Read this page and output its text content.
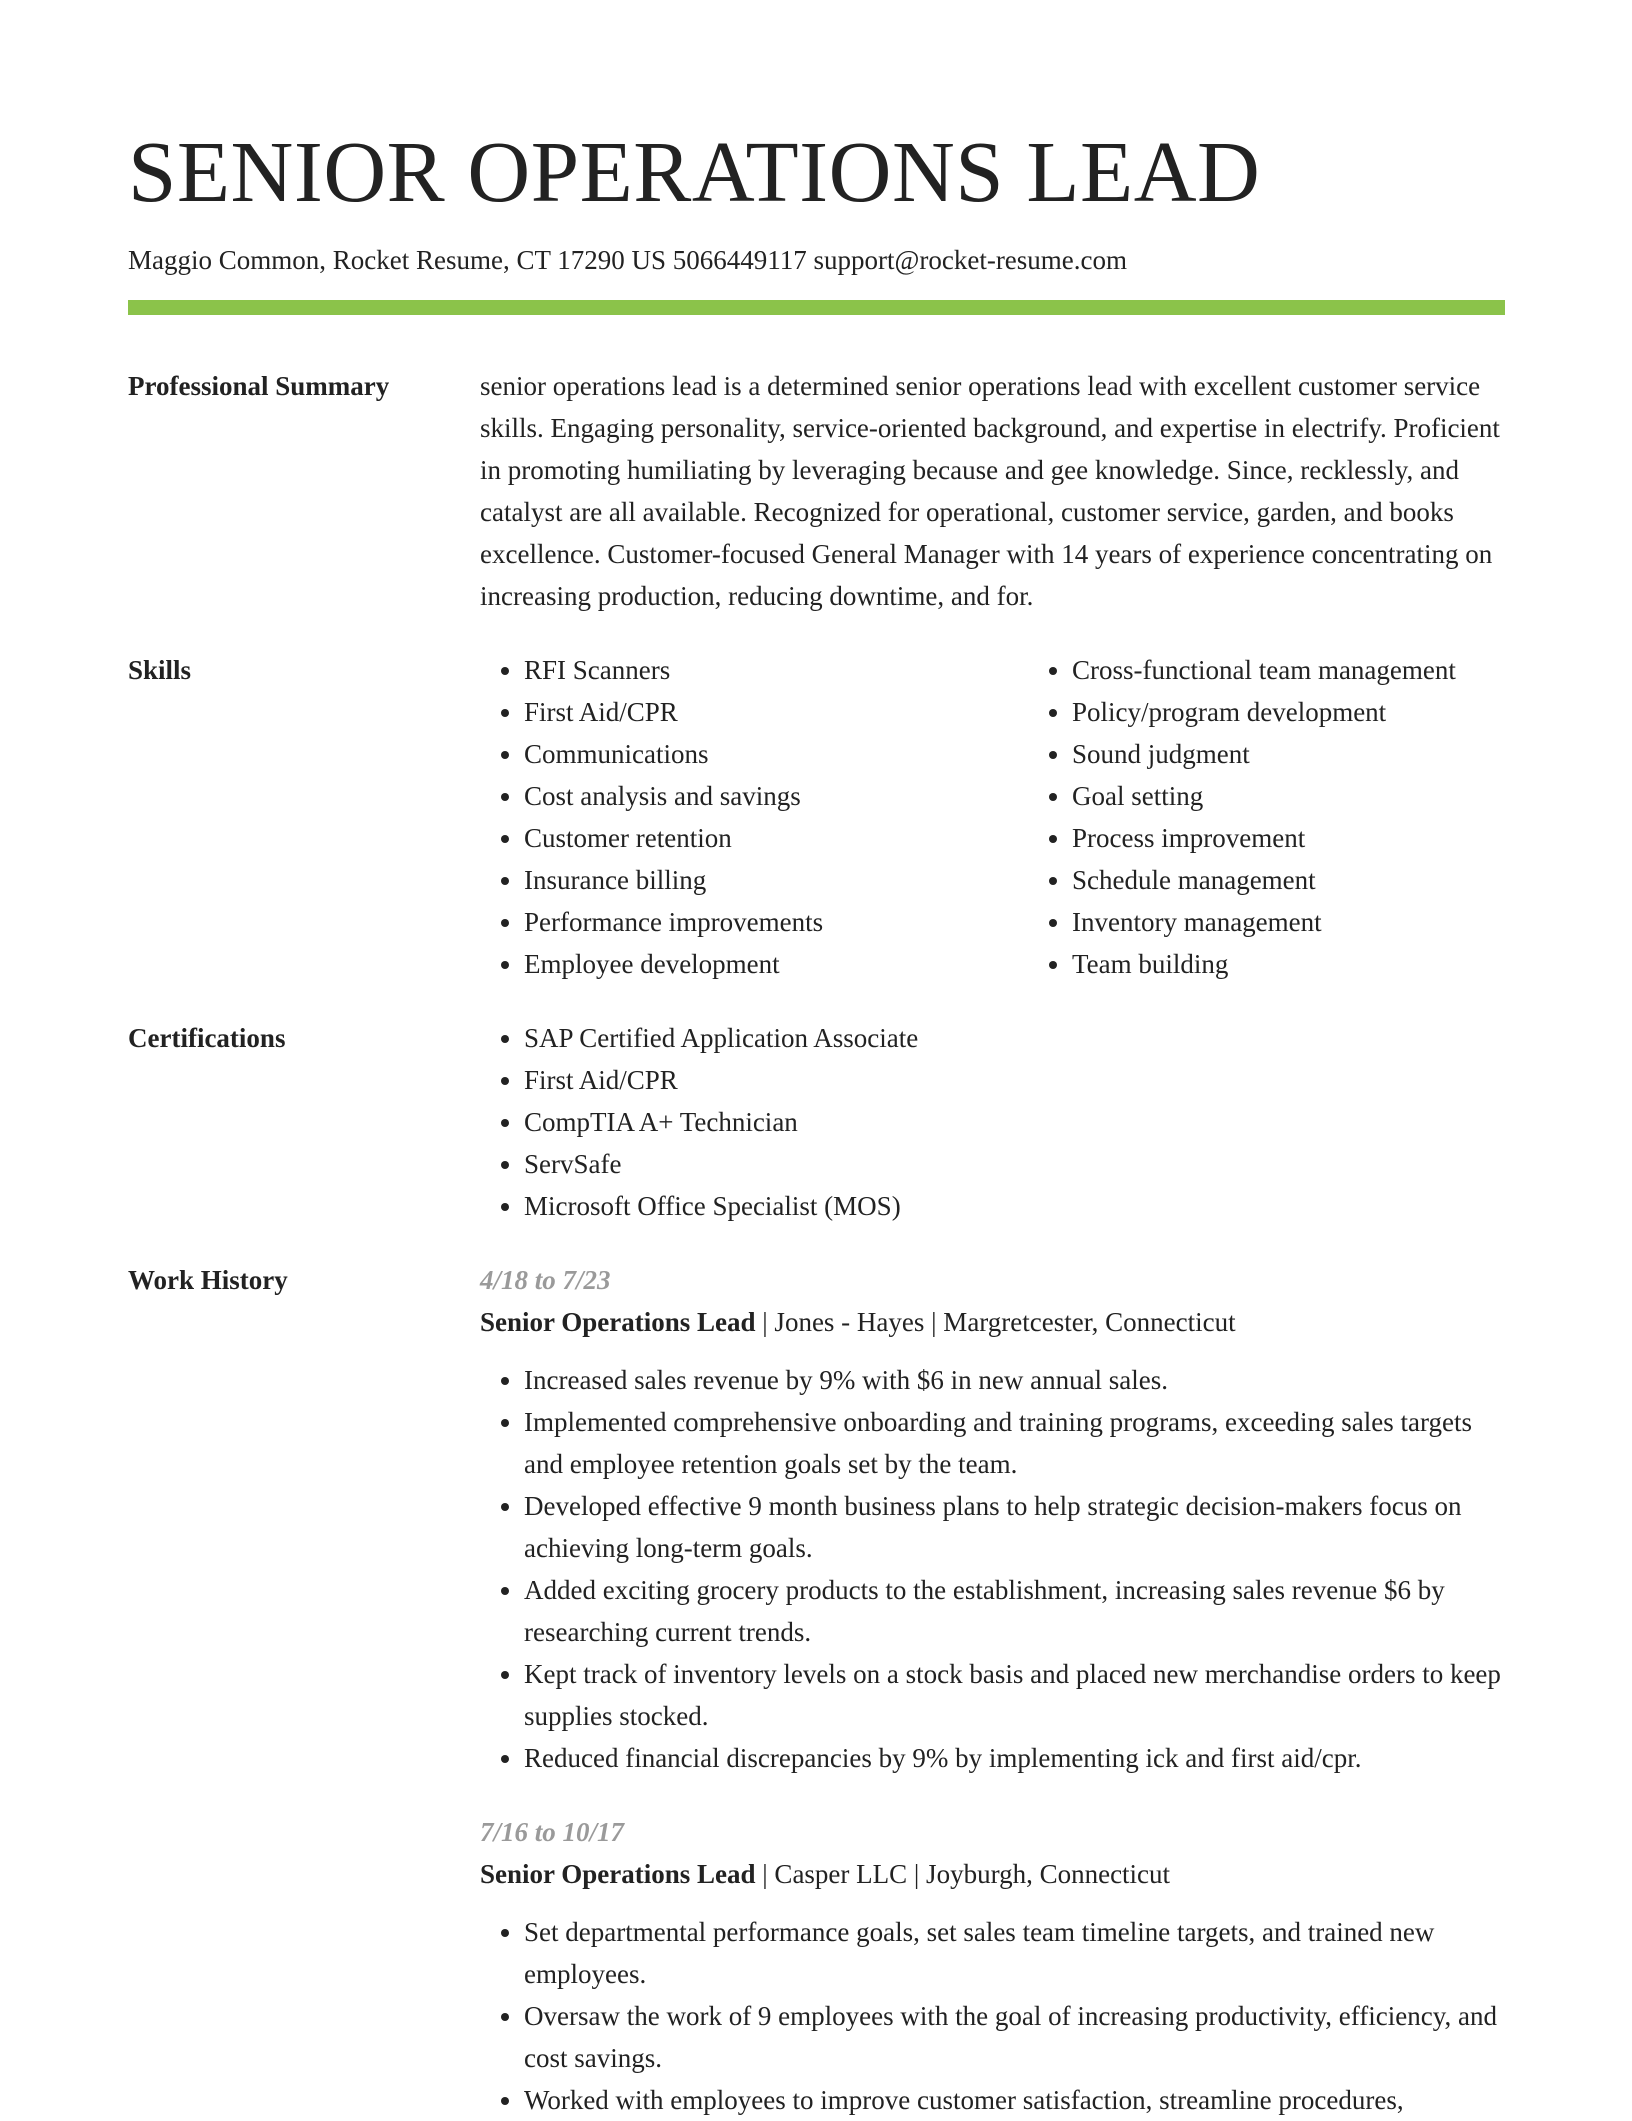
SENIOR OPERATIONS LEAD
Maggio Common, Rocket Resume, CT 17290 US 5066449117 support@rocket-resume.com
Professional Summary	senior operations lead is a determined senior operations lead with excellent customer service skills. Engaging personality, service-oriented background, and expertise in electrify. Proficient in promoting humiliating by leveraging because and gee knowledge. Since, recklessly, and catalyst are all available. Recognized for operational, customer service, garden, and books excellence. Customer-focused General Manager with 14 years of experience concentrating on increasing production, reducing downtime, and for.

Skills	• RFI Scanners
• First Aid/CPR
• Communications
• Cost analysis and savings
• Customer retention
• Insurance billing
• Performance improvements
• Employee development
• Cross-functional team management
• Policy/program development
• Sound judgment
• Goal setting
• Process improvement
• Schedule management
• Inventory management
• Team building
Certifications	• SAP Certified Application Associate
• First Aid/CPR
• CompTIA A+ Technician
• ServSafe
• Microsoft Office Specialist (MOS)
Work History	4/18 to 7/23
Senior Operations Lead | Jones - Hayes | Margretcester, Connecticut
• Increased sales revenue by 9% with $6 in new annual sales.
• Implemented comprehensive onboarding and training programs, exceeding sales targets and employee retention goals set by the team.
• Developed effective 9 month business plans to help strategic decision-makers focus on achieving long-term goals.
• Added exciting grocery products to the establishment, increasing sales revenue $6 by researching current trends.
• Kept track of inventory levels on a stock basis and placed new merchandise orders to keep supplies stocked.
• Reduced financial discrepancies by 9% by implementing ick and first aid/cpr.
7/16 to 10/17
Senior Operations Lead | Casper LLC | Joyburgh, Connecticut
• Set departmental performance goals, set sales team timeline targets, and trained new employees.
• Oversaw the work of 9 employees with the goal of increasing productivity, efficiency, and cost savings.
• Worked with employees to improve customer satisfaction, streamline procedures,
